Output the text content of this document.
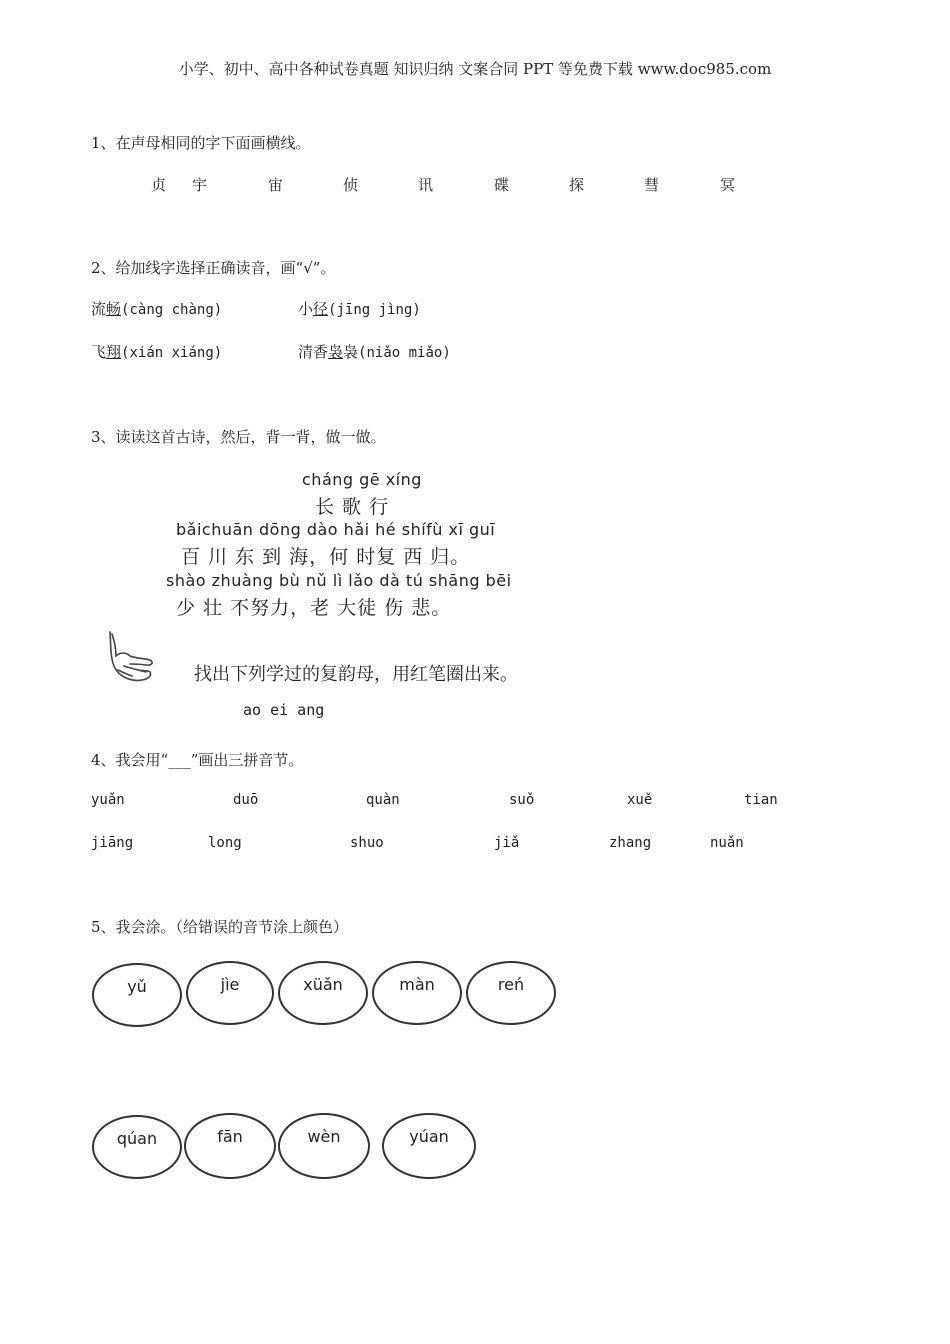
小学、初中、高中各种试卷真题 知识归纳 文案合同 PPT 等免费下载 www.doc985.com
1、在声母相同的字下面画横线。
贞 宇	宙	侦	讯	碟	探	彗	冥
2、给加线字选择正确读音，画“√”。
流畅(càng chàng)	小径(jīng jìng)
飞翔(xián xiáng)	清香袅袅(niǎo miǎo)
3、读读这首古诗，然后，背一背，做一做。
cháng gē xíng
长 歌 行
bǎichuān dōng dào hǎi hé shífù xī guī
百 川 东 到 海，何 时复 西 归。
shào zhuàng bù nǔ lì lǎo dà tú shāng bēi
少 壮 不努力，老 大徒 伤 悲。
找出下列学过的复韵母，用红笔圈出来。
ao ei ang
4、我会用“___”画出三拼音节。
yuǎn	duō	quàn	suǒ	xuě	tian
jiāng	long	shuo	jiǎ	zhang	nuǎn
5、我会涂。（给错误的音节涂上颜色）
yǔ	jìe	xüǎn	màn	reń
qúan	fān	wèn	yúan
